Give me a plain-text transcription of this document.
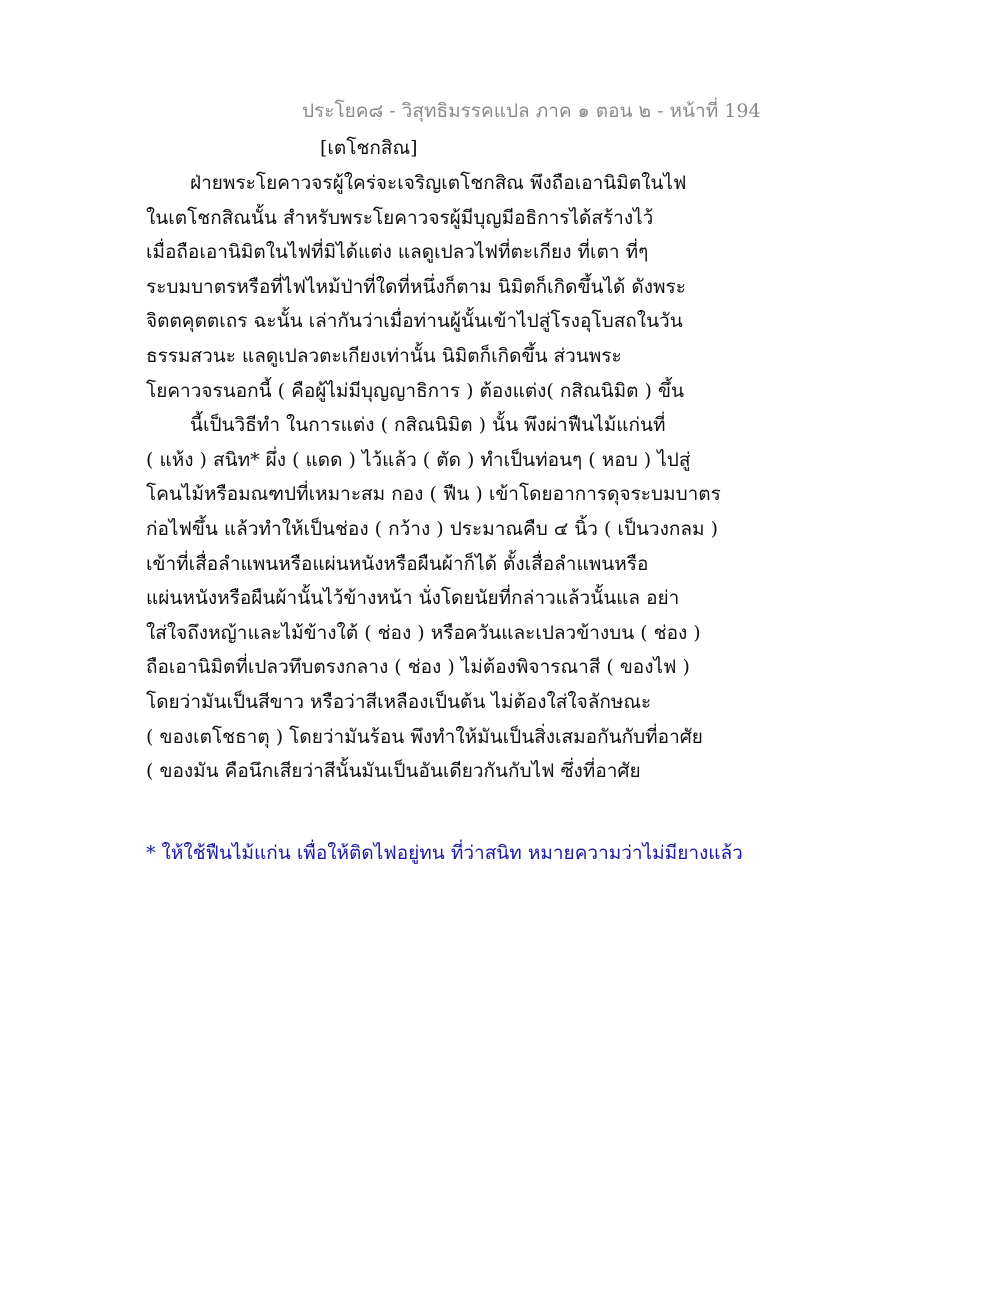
ประโยค๘ - วิสุทธิมรรคแปล ภาค ๑ ตอน ๒ - หน้าที่ 194
[เตโชกสิณ]
ฝ่ายพระโยคาวจรผู้ใคร่จะเจริญเตโชกสิณ พึงถือเอานิมิตในไฟ
ในเตโชกสิณนั้น สำหรับพระโยคาวจรผู้มีบุญมีอธิการได้สร้างไว้
เมื่อถือเอานิมิตในไฟที่มิได้แต่ง แลดูเปลวไฟที่ตะเกียง ที่เตา ที่ๆ
ระบมบาตรหรือที่ไฟไหม้ป่าที่ใดที่หนึ่งก็ตาม นิมิตก็เกิดขึ้นได้ ดังพระ
จิตตคุตตเถร ฉะนั้น เล่ากันว่าเมื่อท่านผู้นั้นเข้าไปสู่โรงอุโบสถในวัน
ธรรมสวนะ แลดูเปลวตะเกียงเท่านั้น นิมิตก็เกิดขึ้น ส่วนพระ
โยคาวจรนอกนี้ ( คือผู้ไม่มีบุญญาธิการ ) ต้องแต่ง( กสิณนิมิต ) ขึ้น
นี้เป็นวิธีทำ ในการแต่ง ( กสิณนิมิต ) นั้น พึงผ่าฟืนไม้แก่นที่
( แห้ง ) สนิท* ผึ่ง ( แดด ) ไว้แล้ว ( ตัด ) ทำเป็นท่อนๆ ( หอบ ) ไปสู่
โคนไม้หรือมณฑปที่เหมาะสม กอง ( ฟืน ) เข้าโดยอาการดุจระบมบาตร
ก่อไฟขึ้น แล้วทำให้เป็นช่อง ( กว้าง ) ประมาณคืบ ๔ นิ้ว ( เป็นวงกลม )
เข้าที่เสื่อลำแพนหรือแผ่นหนังหรือผืนผ้าก็ได้ ตั้งเสื่อลำแพนหรือ
แผ่นหนังหรือผืนผ้านั้นไว้ข้างหน้า นั่งโดยนัยที่กล่าวแล้วนั้นแล อย่า
ใส่ใจถึงหญ้าและไม้ข้างใต้ ( ช่อง ) หรือควันและเปลวข้างบน ( ช่อง )
ถือเอานิมิตที่เปลวทึบตรงกลาง ( ช่อง ) ไม่ต้องพิจารณาสี ( ของไฟ )
โดยว่ามันเป็นสีขาว หรือว่าสีเหลืองเป็นต้น ไม่ต้องใส่ใจลักษณะ
( ของเตโชธาตุ ) โดยว่ามันร้อน พึงทำให้มันเป็นสิ่งเสมอกันกับที่อาศัย
( ของมัน คือนึกเสียว่าสีนั้นมันเป็นอันเดียวกันกับไฟ ซึ่งที่อาศัย
* ให้ใช้ฟืนไม้แก่น เพื่อให้ติดไฟอยู่ทน ที่ว่าสนิท หมายความว่าไม่มียางแล้ว
